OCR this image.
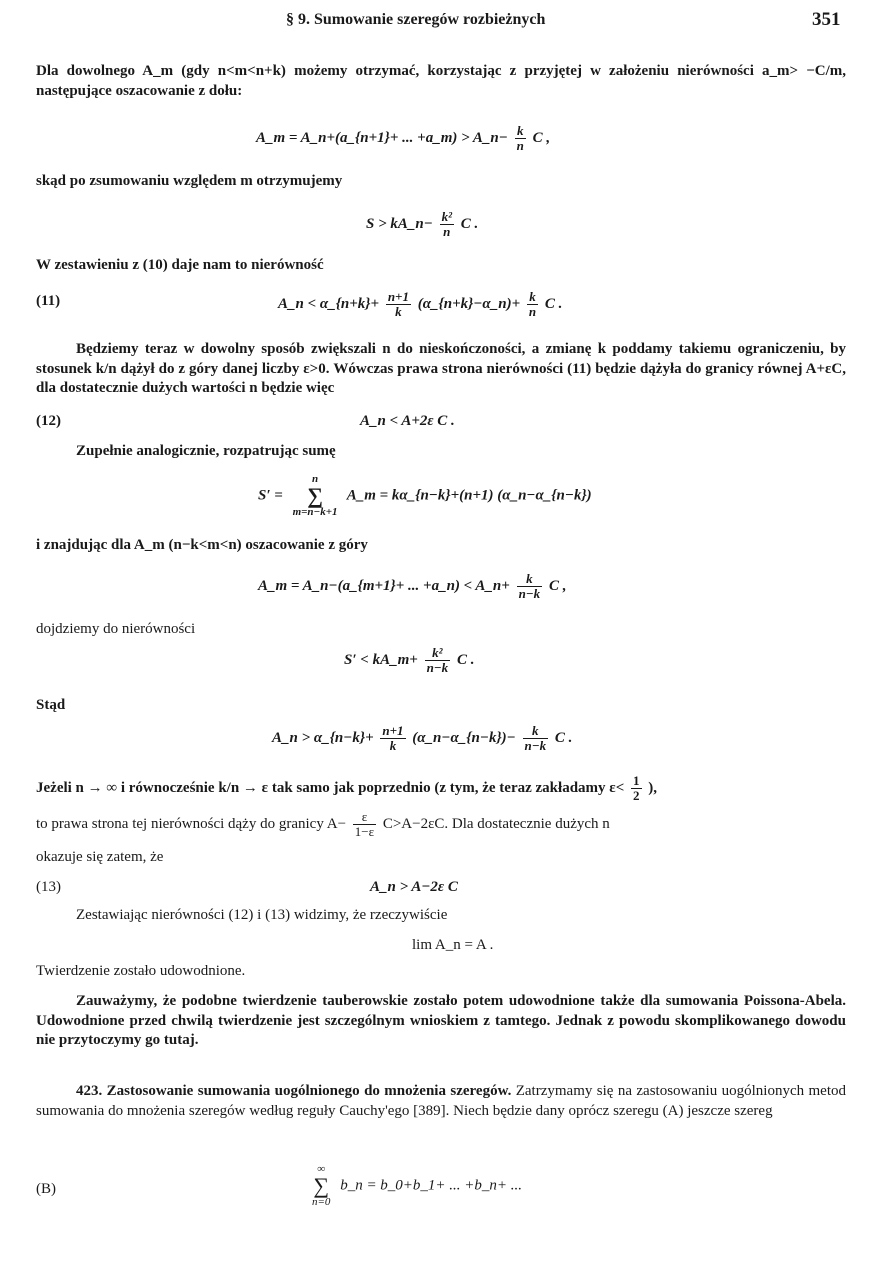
§ 9. Sumowanie szeregów rozbieżnych	351
Dla dowolnego A_m (gdy n<m<n+k) możemy otrzymać, korzystając z przyjętej w założeniu nierówności a_m> −C/m, następujące oszacowanie z dołu:
A_m = A_n+(a_{n+1}+ ... +a_m) > A_n− $\frac{k}{n}$ C ,
skąd po zsumowaniu względem m otrzymujemy
S > kA_n− $\frac{\text{k²}}{n}$ C .
W zestawieniu z (10) daje nam to nierówność
(11)	A_n < α_{n+k}+ $\frac{n+1}{k}$ (α_{n+k}−α_n)+ $\frac{k}{n}$ C .
Będziemy teraz w dowolny sposób zwiększali n do nieskończoności, a zmianę k poddamy takiemu ograniczeniu, by stosunek k/n dążył do z góry danej liczby ε>0. Wówczas prawa strona nierówności (11) będzie dążyła do granicy równej A+εC, dla dostatecznie dużych wartości n będzie więc
(12)	A_n < A+2ε C .
Zupełnie analogicznie, rozpatrując sumę
S′ = n
∑
m=n−k+1 A_m = kα_{n−k}+(n+1) (α_n−α_{n−k})
i znajdując dla A_m (n−k<m<n) oszacowanie z góry
A_m = A_n−(a_{m+1}+ ... +a_n) < A_n+ $\frac{k}{n-k}$ C ,
dojdziemy do nierówności
S′ < kA_m+ $\frac{\text{k²}}{n-k}$ C .
Stąd
A_n > α_{n−k}+ $\frac{n+1}{k}$ (α_n−α_{n−k})− $\frac{k}{n-k}$ C .
Jeżeli n → ∞ i równocześnie k/n → ε tak samo jak poprzednio (z tym, że teraz zakładamy $\varepsilon< \frac{1}{2}$ ),
to prawa strona tej nierówności dąży do granicy $A- \frac{\varepsilon}{1-\varepsilon} C>A-2\varepsilon C$. Dla dostatecznie dużych n
okazuje się zatem, że
(13)	A_n > A−2ε C
Zestawiając nierówności (12) i (13) widzimy, że rzeczywiście
lim A_n = A .
Twierdzenie zostało udowodnione.
Zauważymy, że podobne twierdzenie tauberowskie zostało potem udowodnione także dla sumowania Poissona-Abela. Udowodnione przed chwilą twierdzenie jest szczególnym wnioskiem z tamtego. Jednak z powodu skomplikowanego dowodu nie przytoczymy go tutaj.
423. Zastosowanie sumowania uogólnionego do mnożenia szeregów. Zatrzymamy się na zastosowaniu uogólnionych metod sumowania do mnożenia szeregów według reguły Cauchy'ego [389]. Niech będzie dany oprócz szeregu (A) jeszcze szereg
(B)
∞
∑
n=0 b_n = b_0+b_1+ ... +b_n+ ...
